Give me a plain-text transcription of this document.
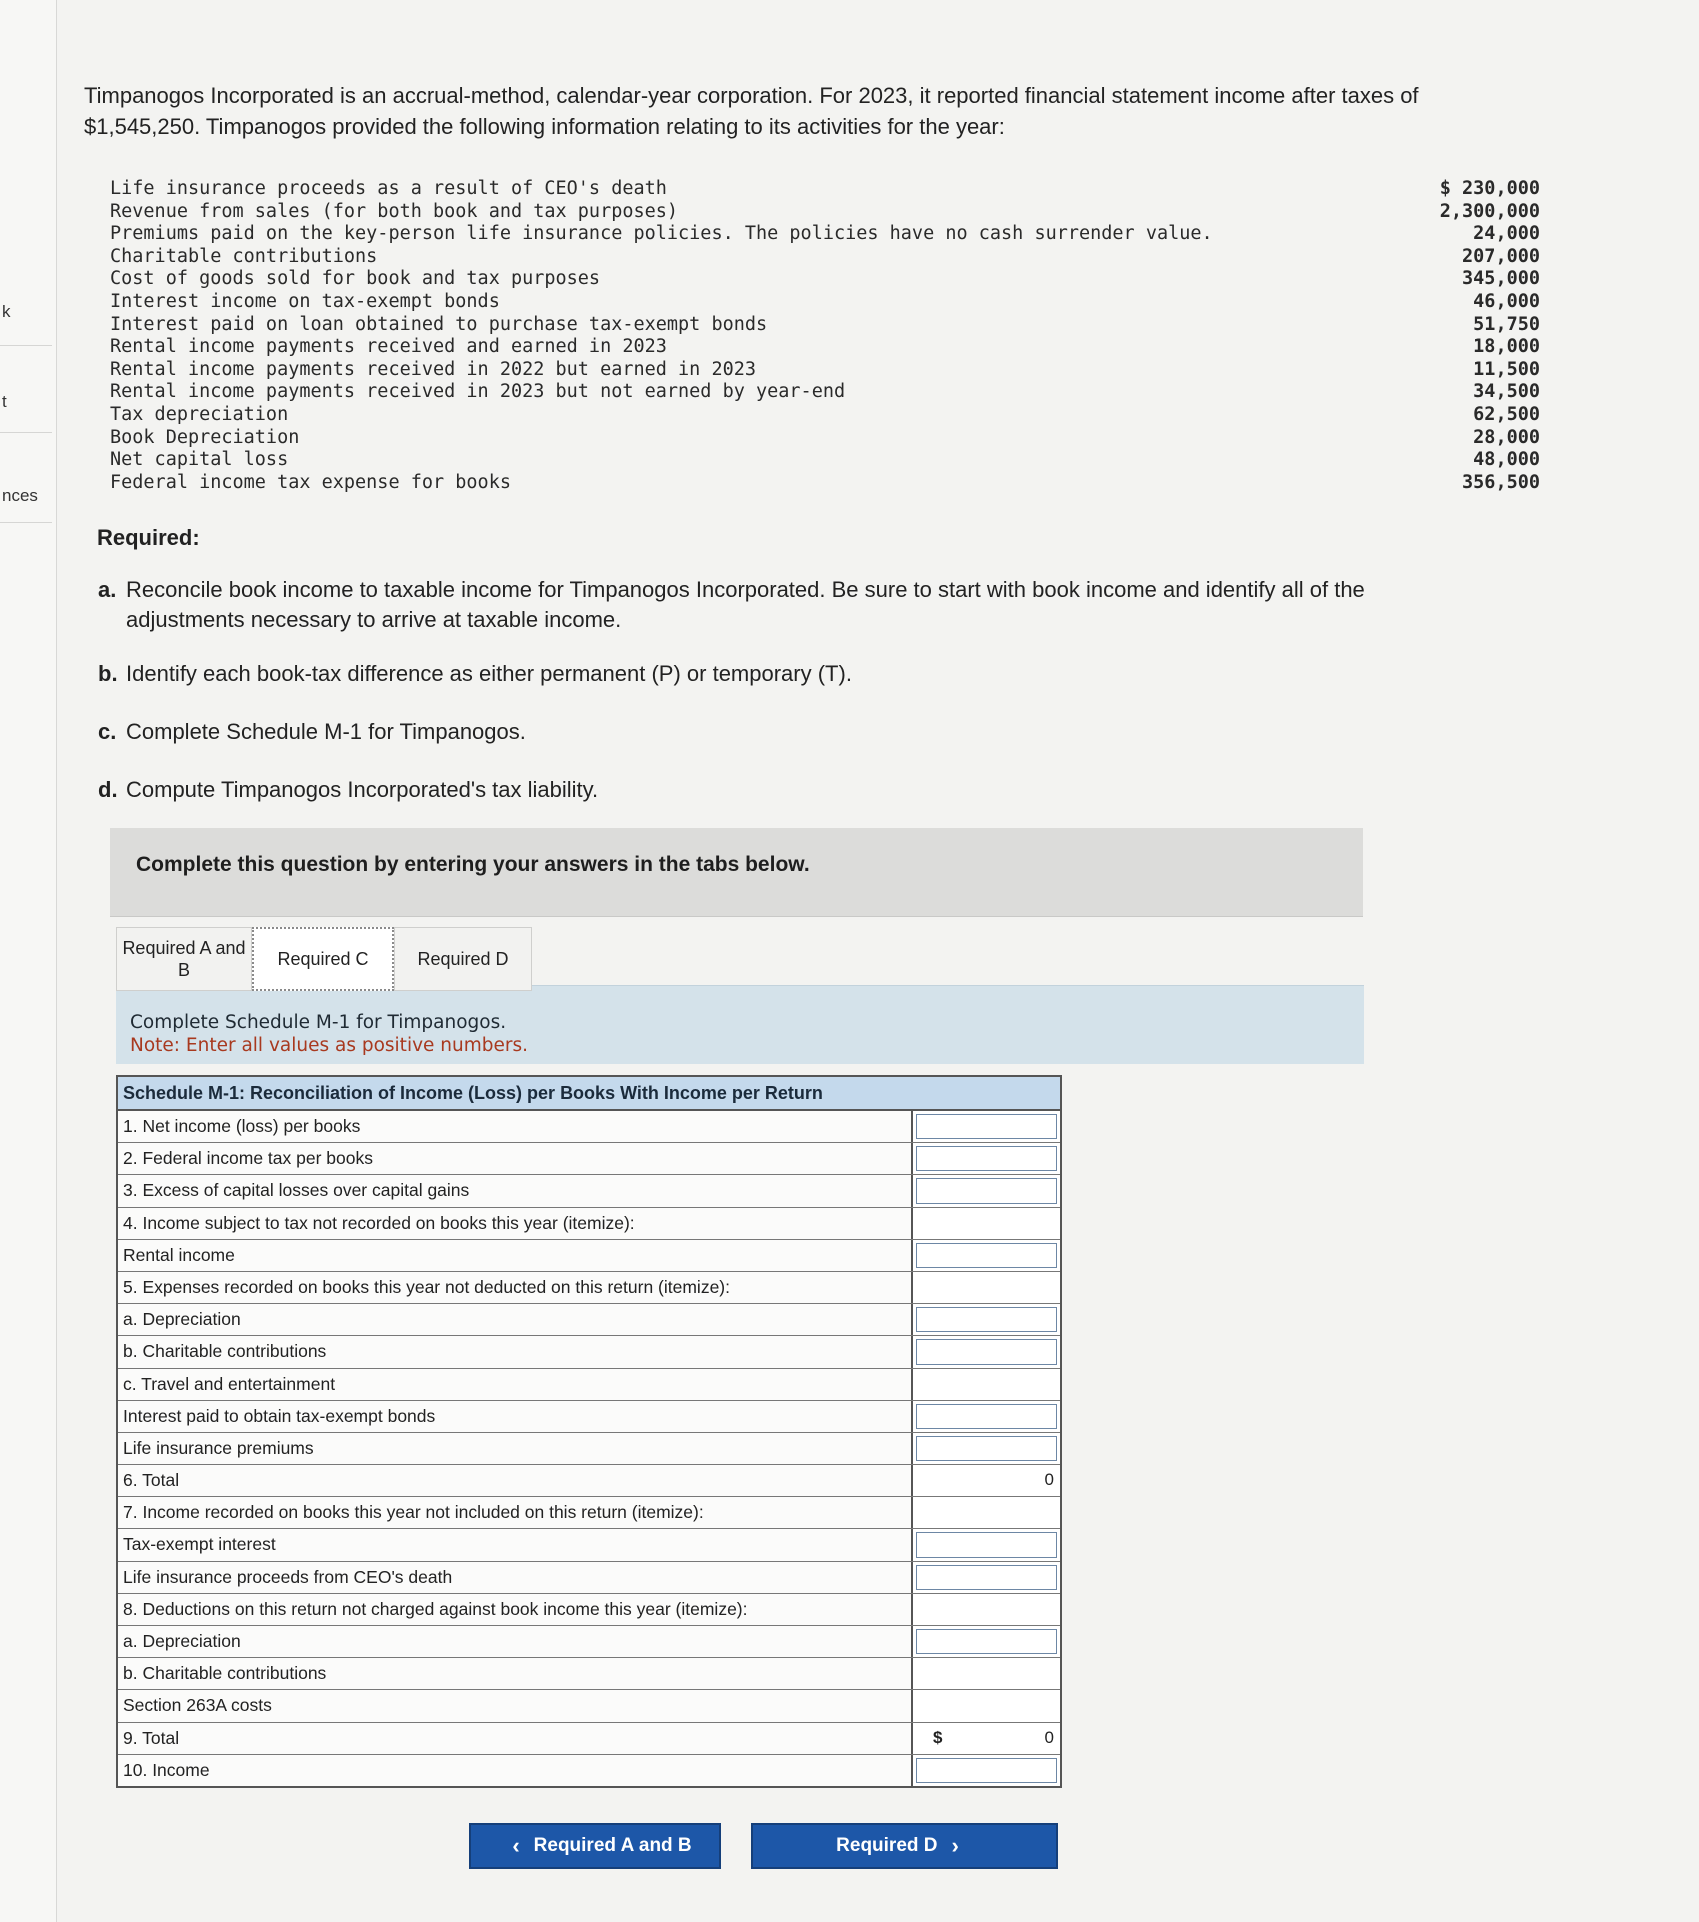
k
t
nces
Timpanogos Incorporated is an accrual-method, calendar-year corporation. For 2023, it reported financial statement income after taxes of $1,545,250. Timpanogos provided the following information relating to its activities for the year:
Life insurance proceeds as a result of CEO's death	$ 230,000
Revenue from sales (for both book and tax purposes)	2,300,000
Premiums paid on the key-person life insurance policies. The policies have no cash surrender value.	24,000
Charitable contributions	207,000
Cost of goods sold for book and tax purposes	345,000
Interest income on tax-exempt bonds	46,000
Interest paid on loan obtained to purchase tax-exempt bonds	51,750
Rental income payments received and earned in 2023	18,000
Rental income payments received in 2022 but earned in 2023	11,500
Rental income payments received in 2023 but not earned by year-end	34,500
Tax depreciation	62,500
Book Depreciation	28,000
Net capital loss	48,000
Federal income tax expense for books	356,500
Required:
a. Reconcile book income to taxable income for Timpanogos Incorporated. Be sure to start with book income and identify all of the adjustments necessary to arrive at taxable income.
b. Identify each book-tax difference as either permanent (P) or temporary (T).
c. Complete Schedule M-1 for Timpanogos.
d. Compute Timpanogos Incorporated's tax liability.
Complete this question by entering your answers in the tabs below.
Complete Schedule M-1 for Timpanogos.
Note: Enter all values as positive numbers.
Required A and B
Required C	Required D
Schedule M-1: Reconciliation of Income (Loss) per Books With Income per Return
1. Net income (loss) per books
2. Federal income tax per books
3. Excess of capital losses over capital gains
4. Income subject to tax not recorded on books this year (itemize):
Rental income
5. Expenses recorded on books this year not deducted on this return (itemize):
a. Depreciation
b. Charitable contributions
c. Travel and entertainment
Interest paid to obtain tax-exempt bonds
Life insurance premiums
6. Total	0
7. Income recorded on books this year not included on this return (itemize):
Tax-exempt interest
Life insurance proceeds from CEO's death
8. Deductions on this return not charged against book income this year (itemize):
a. Depreciation
b. Charitable contributions
Section 263A costs
9. Total	$	0
10. Income
‹ Required A and B	Required D ›
